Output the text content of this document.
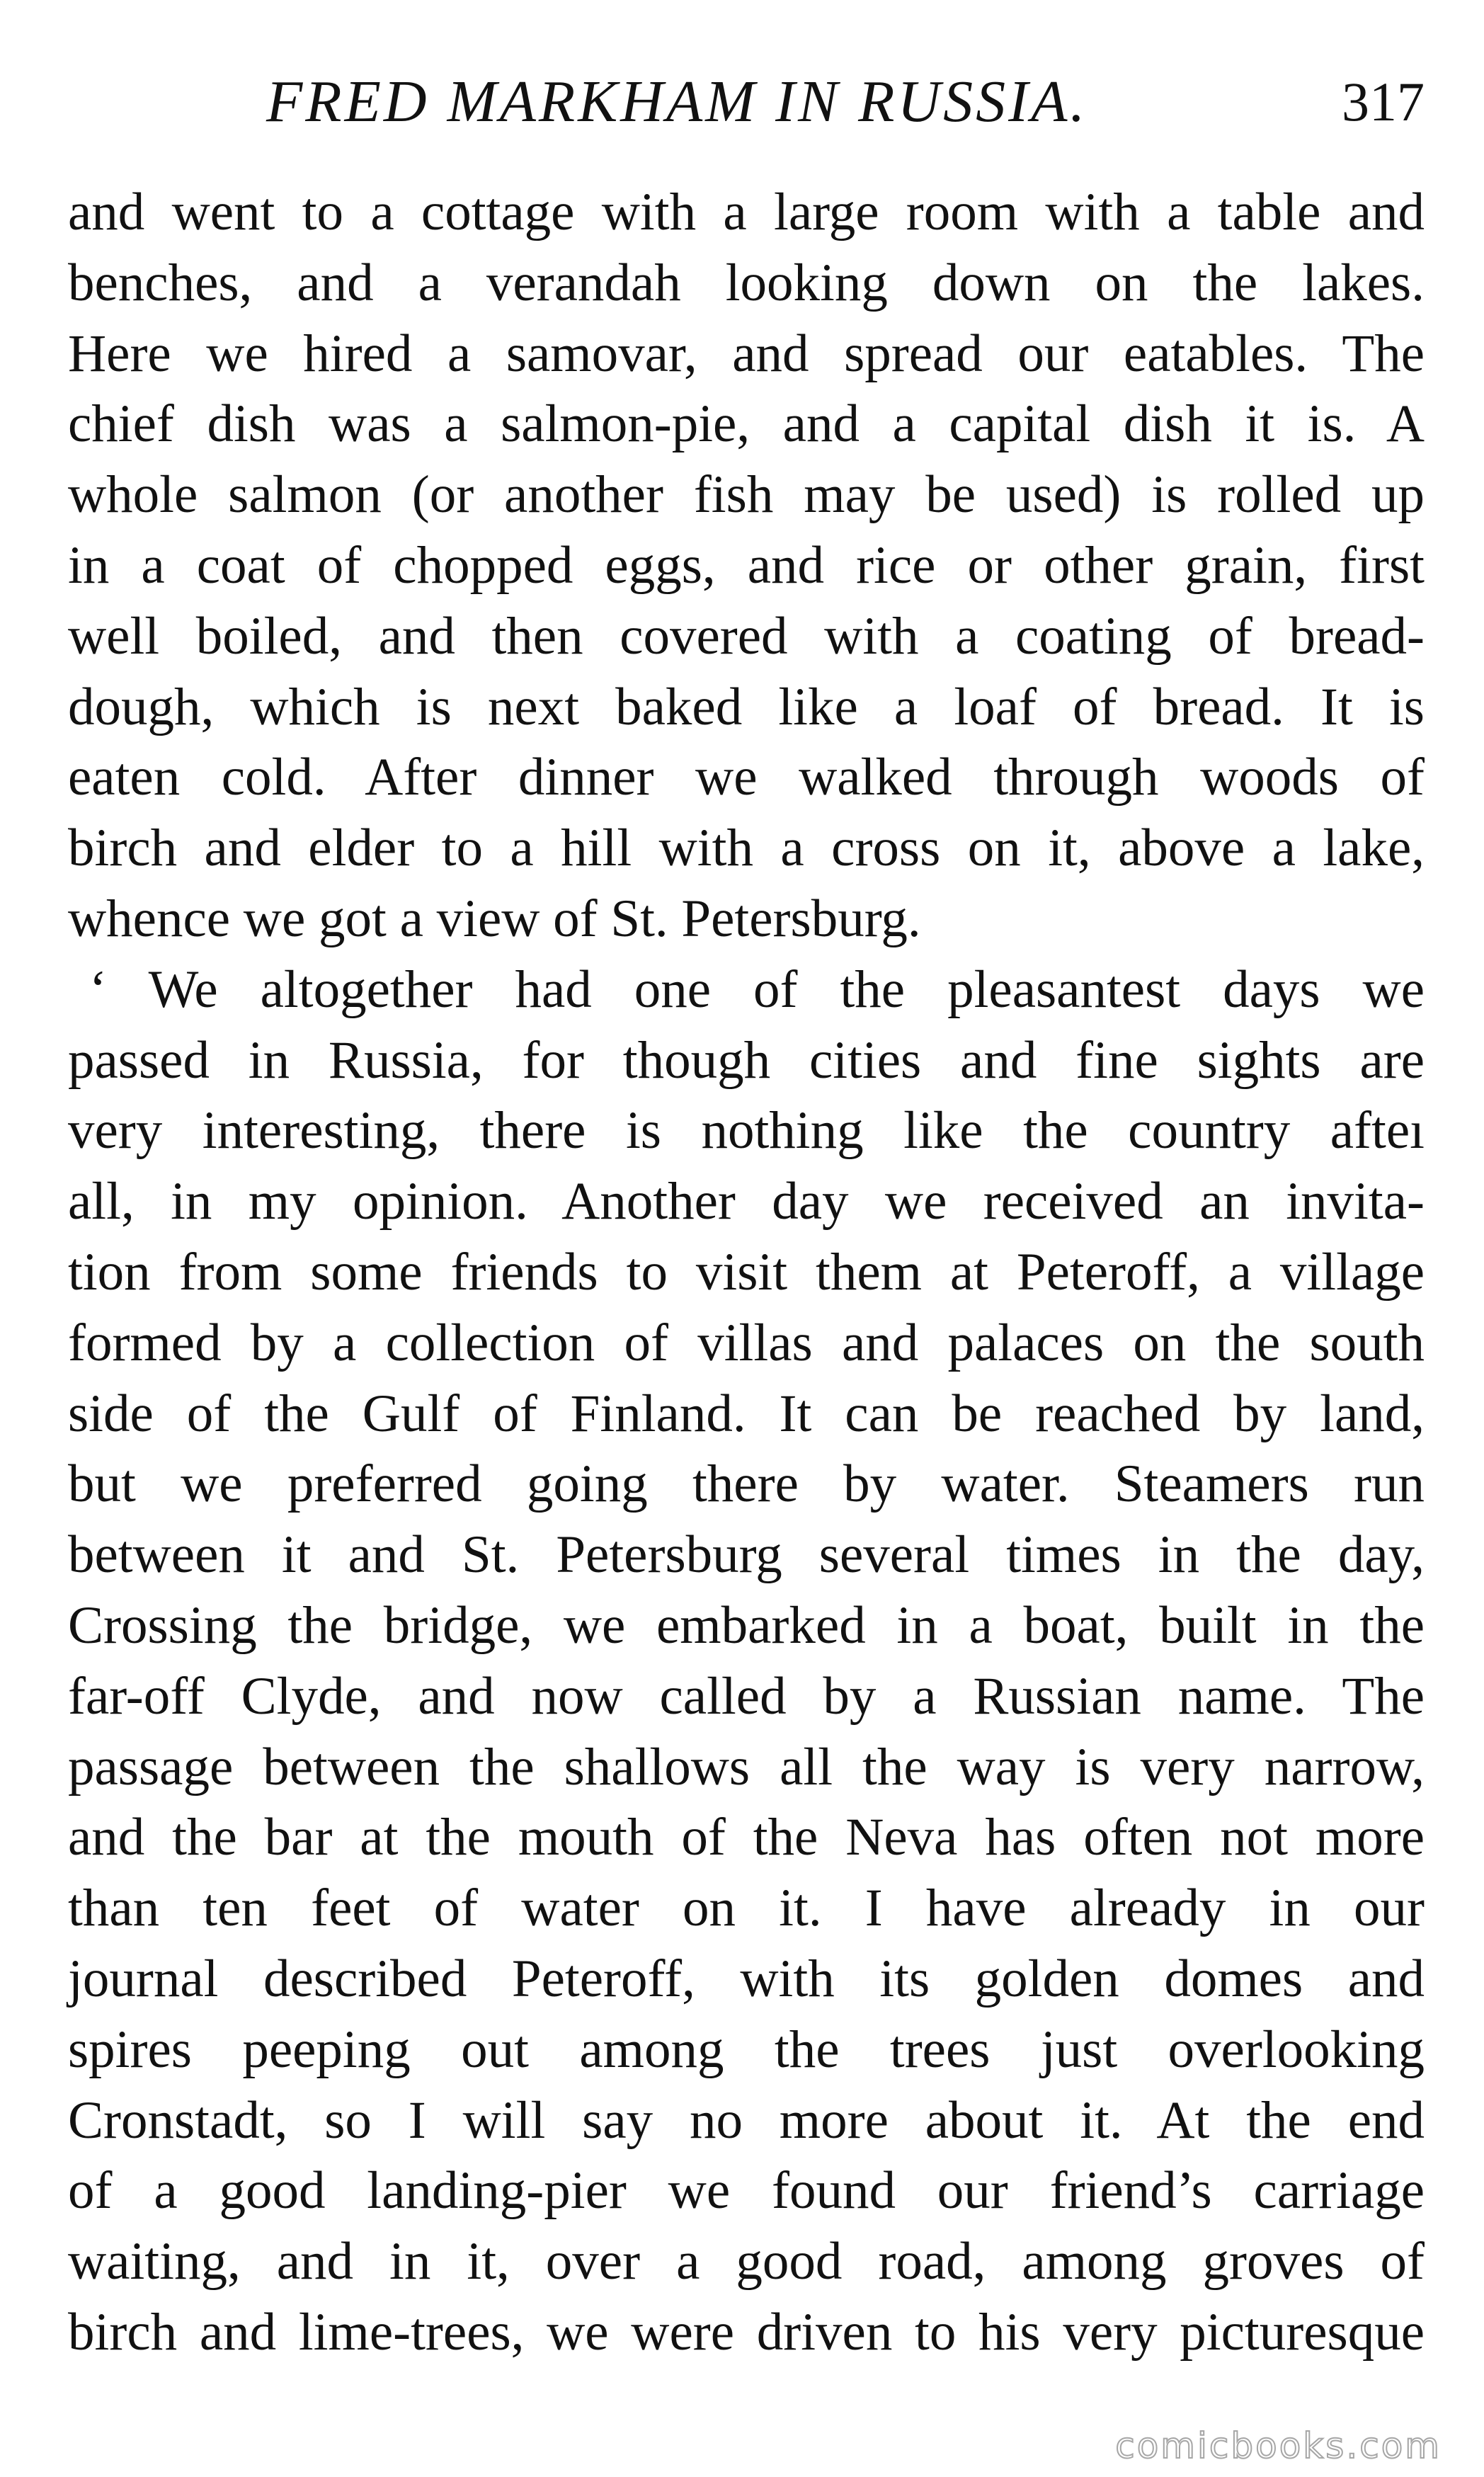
FRED MARKHAM IN RUSSIA.	317
and went to a cottage with a large room with a table and
benches, and a verandah looking down on the lakes.
Here we hired a samovar, and spread our eatables. The
chief dish was a salmon-pie, and a capital dish it is. A
whole salmon (or another fish may be used) is rolled up
in a coat of chopped eggs, and rice or other grain, first
well boiled, and then covered with a coating of bread-
dough, which is next baked like a loaf of bread. It is
eaten cold. After dinner we walked through woods of
birch and elder to a hill with a cross on it, above a lake,
whence we got a view of St. Petersburg.
‘ We altogether had one of the pleasantest days we
passed in Russia, for though cities and fine sights are
very interesting, there is nothing like the country afteı
all, in my opinion. Another day we received an invita-
tion from some friends to visit them at Peteroff, a village
formed by a collection of villas and palaces on the south
side of the Gulf of Finland. It can be reached by land,
but we preferred going there by water. Steamers run
between it and St. Petersburg several times in the day,
Crossing the bridge, we embarked in a boat, built in the
far-off Clyde, and now called by a Russian name. The
passage between the shallows all the way is very narrow,
and the bar at the mouth of the Neva has often not more
than ten feet of water on it. I have already in our
journal described Peteroff, with its golden domes and
spires peeping out among the trees just overlooking
Cronstadt, so I will say no more about it. At the end
of a good landing-pier we found our friend’s carriage
waiting, and in it, over a good road, among groves of
birch and lime-trees, we were driven to his very picturesque
comicbooks.com
